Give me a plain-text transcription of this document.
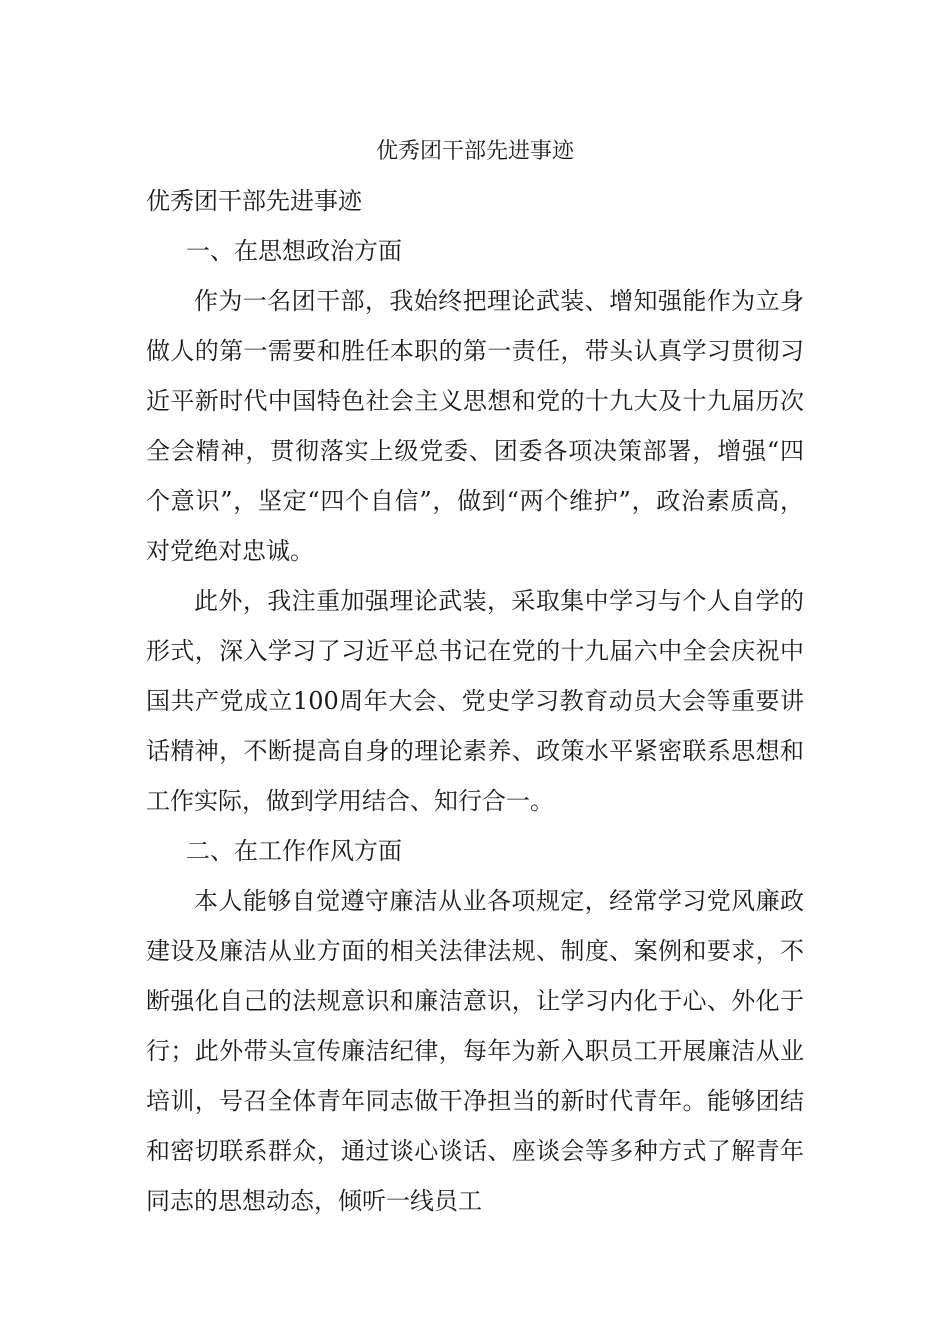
优秀团干部先进事迹

优秀团干部先进事迹

一、在思想政治方面

作为一名团干部，我始终把理论武装、增知强能作为立身做人的第一需要和胜任本职的第一责任，带头认真学习贯彻习近平新时代中国特色社会主义思想和党的十九大及十九届历次全会精神，贯彻落实上级党委、团委各项决策部署，增强“四个意识”，坚定“四个自信”，做到“两个维护”，政治素质高，对党绝对忠诚。

此外，我注重加强理论武装，采取集中学习与个人自学的形式，深入学习了习近平总书记在党的十九届六中全会庆祝中国共产党成立100周年大会、党史学习教育动员大会等重要讲话精神，不断提高自身的理论素养、政策水平紧密联系思想和工作实际，做到学用结合、知行合一。

二、在工作作风方面

本人能够自觉遵守廉洁从业各项规定，经常学习党风廉政建设及廉洁从业方面的相关法律法规、制度、案例和要求，不断强化自己的法规意识和廉洁意识，让学习内化于心、外化于行；此外带头宣传廉洁纪律，每年为新入职员工开展廉洁从业培训，号召全体青年同志做干净担当的新时代青年。能够团结和密切联系群众，通过谈心谈话、座谈会等多种方式了解青年同志的思想动态，倾听一线员工
